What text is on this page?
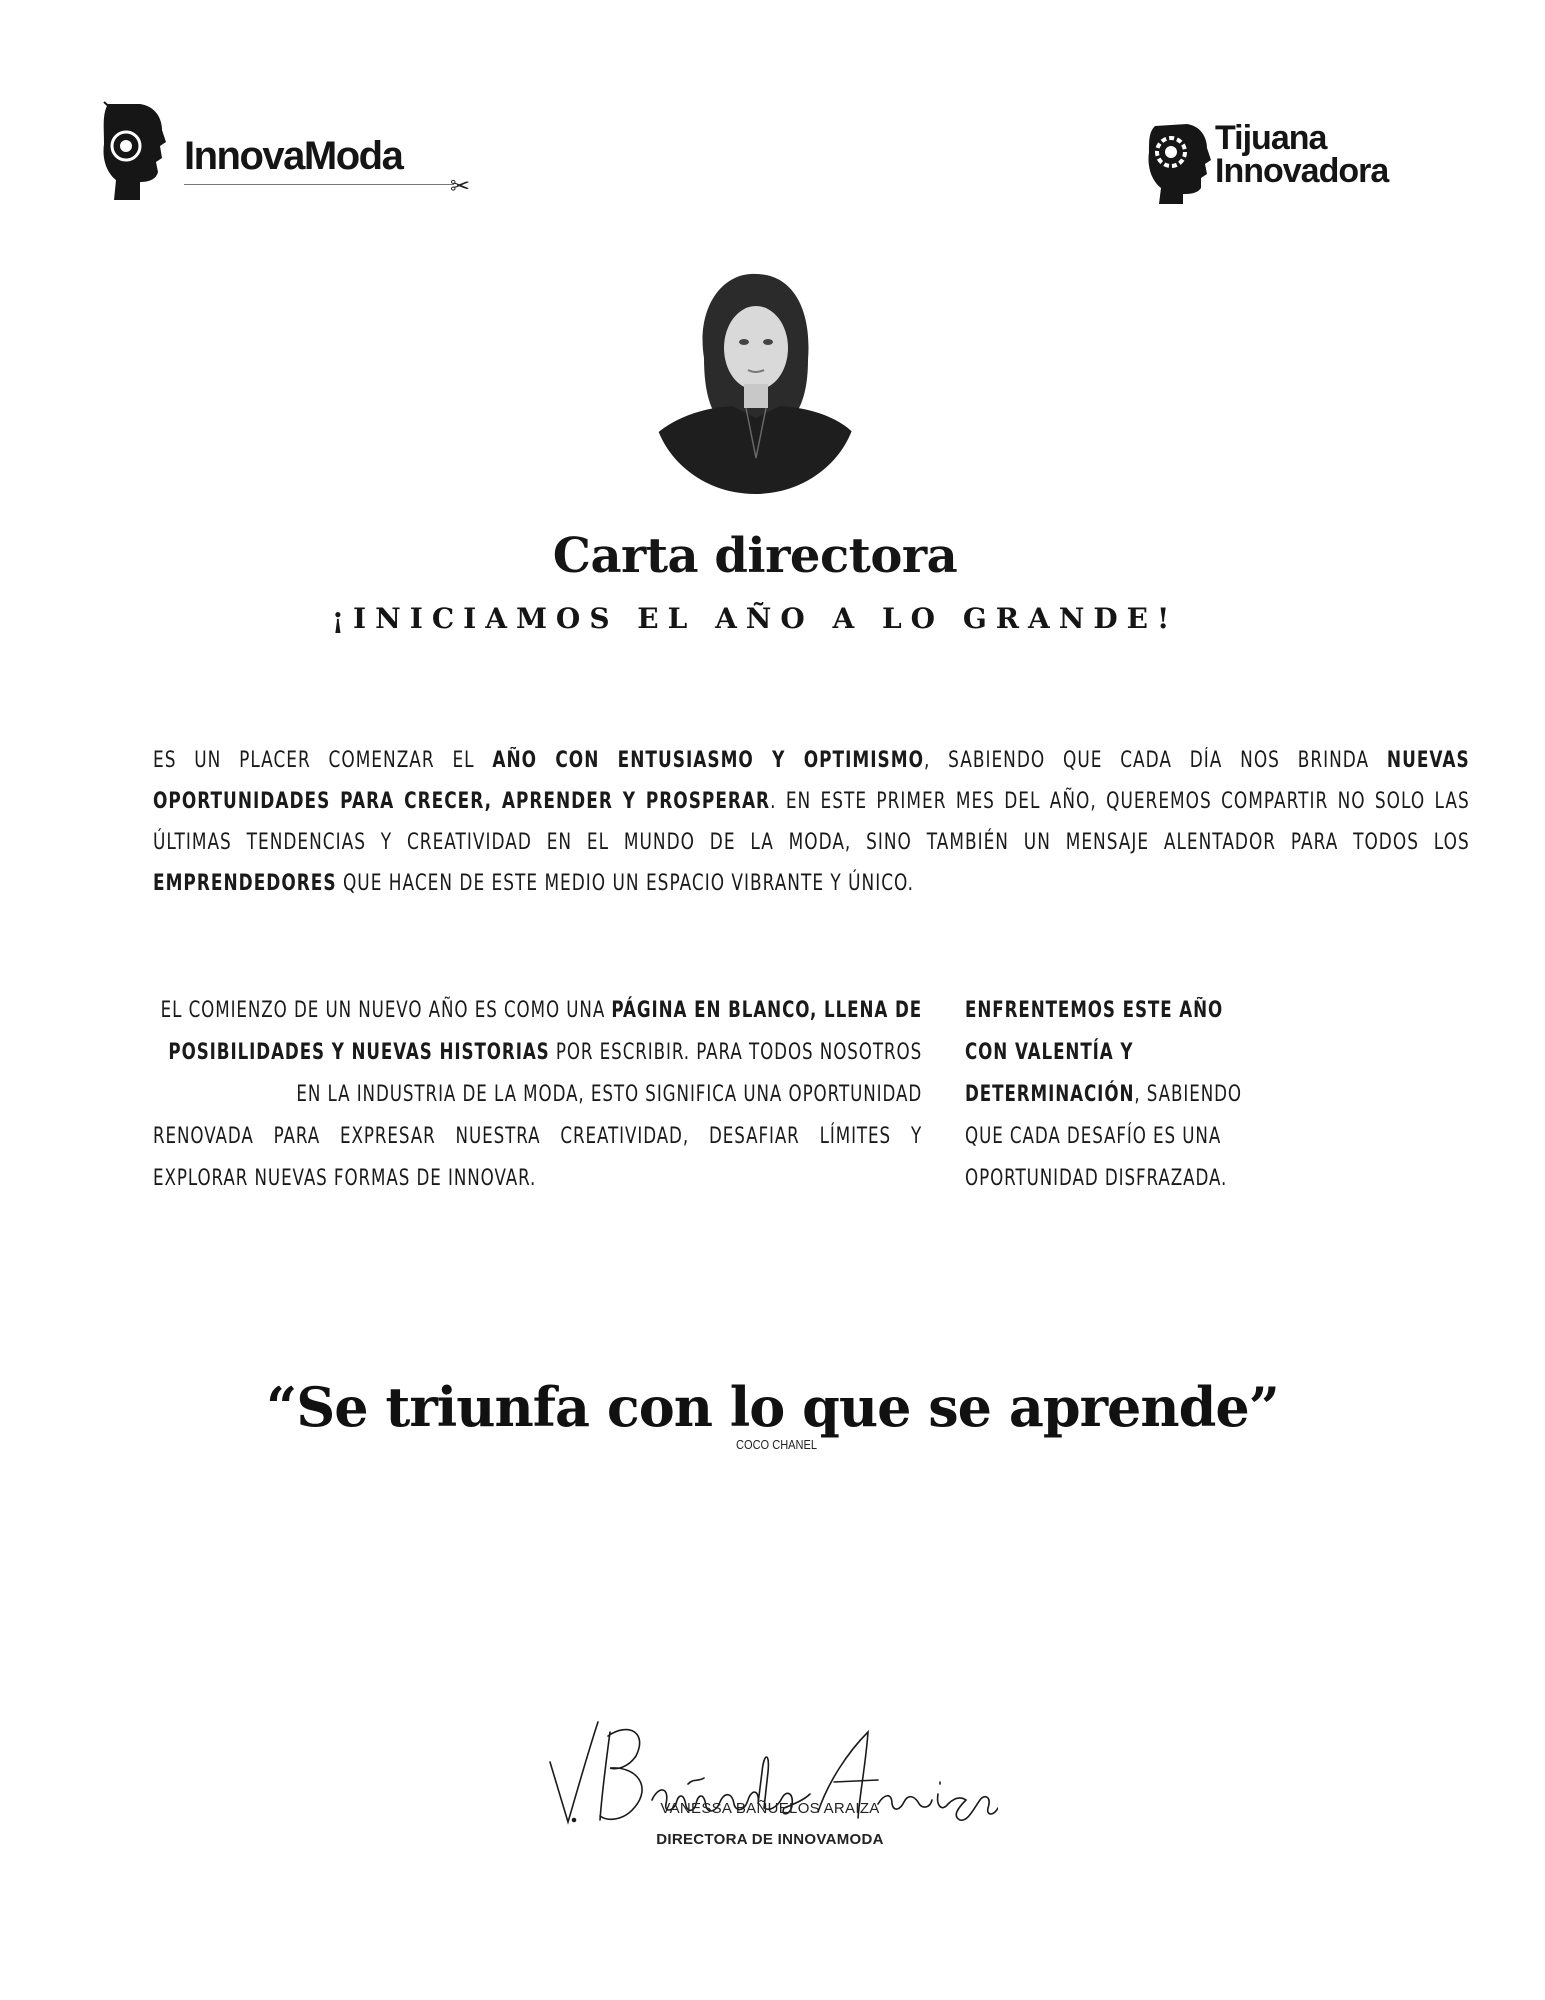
InnovaModa
✂
Tijuana
Innovadora
Carta directora
¡INICIAMOS EL AÑO A LO GRANDE!
ES UN PLACER COMENZAR EL AÑO CON ENTUSIASMO Y OPTIMISMO, SABIENDO QUE CADA DÍA NOS BRINDA NUEVAS OPORTUNIDADES PARA CRECER, APRENDER Y PROSPERAR. EN ESTE PRIMER MES DEL AÑO, QUEREMOS COMPARTIR NO SOLO LAS ÚLTIMAS TENDENCIAS Y CREATIVIDAD EN EL MUNDO DE LA MODA, SINO TAMBIÉN UN MENSAJE ALENTADOR PARA TODOS LOS EMPRENDEDORES QUE HACEN DE ESTE MEDIO UN ESPACIO VIBRANTE Y ÚNICO.
EL COMIENZO DE UN NUEVO AÑO ES COMO UNA PÁGINA EN BLANCO, LLENA DE POSIBILIDADES Y NUEVAS HISTORIAS POR ESCRIBIR. PARA TODOS NOSOTROS EN LA INDUSTRIA DE LA MODA, ESTO SIGNIFICA UNA OPORTUNIDAD
RENOVADA PARA EXPRESAR NUESTRA CREATIVIDAD, DESAFIAR LÍMITES Y EXPLORAR NUEVAS FORMAS DE INNOVAR.
ENFRENTEMOS ESTE AÑO CON VALENTÍA Y DETERMINACIÓN, SABIENDO QUE CADA DESAFÍO ES UNA OPORTUNIDAD DISFRAZADA.
“Se triunfa con lo que se aprende”
COCO CHANEL
VANESSA BAÑUELOS ARAIZA
DIRECTORA DE INNOVAMODA
